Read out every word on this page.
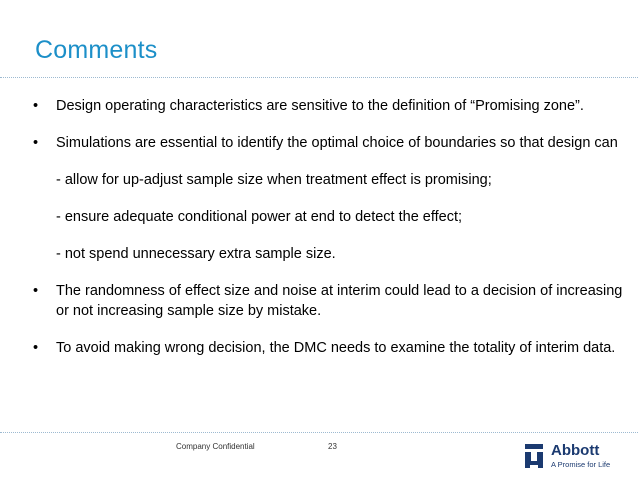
Comments
• Design operating characteristics are sensitive to the definition of “Promising zone”.
• Simulations are essential to identify the optimal choice of boundaries so that design can
- allow for up-adjust sample size when treatment effect is promising;
- ensure adequate conditional power at end to detect the effect;
- not spend unnecessary extra sample size.
• The randomness of effect size and noise at interim could lead to a decision of increasing or not increasing sample size by mistake.
• To avoid making wrong decision, the DMC needs to examine the totality of interim data.
Company Confidential	23	Abbott
A Promise for Life
